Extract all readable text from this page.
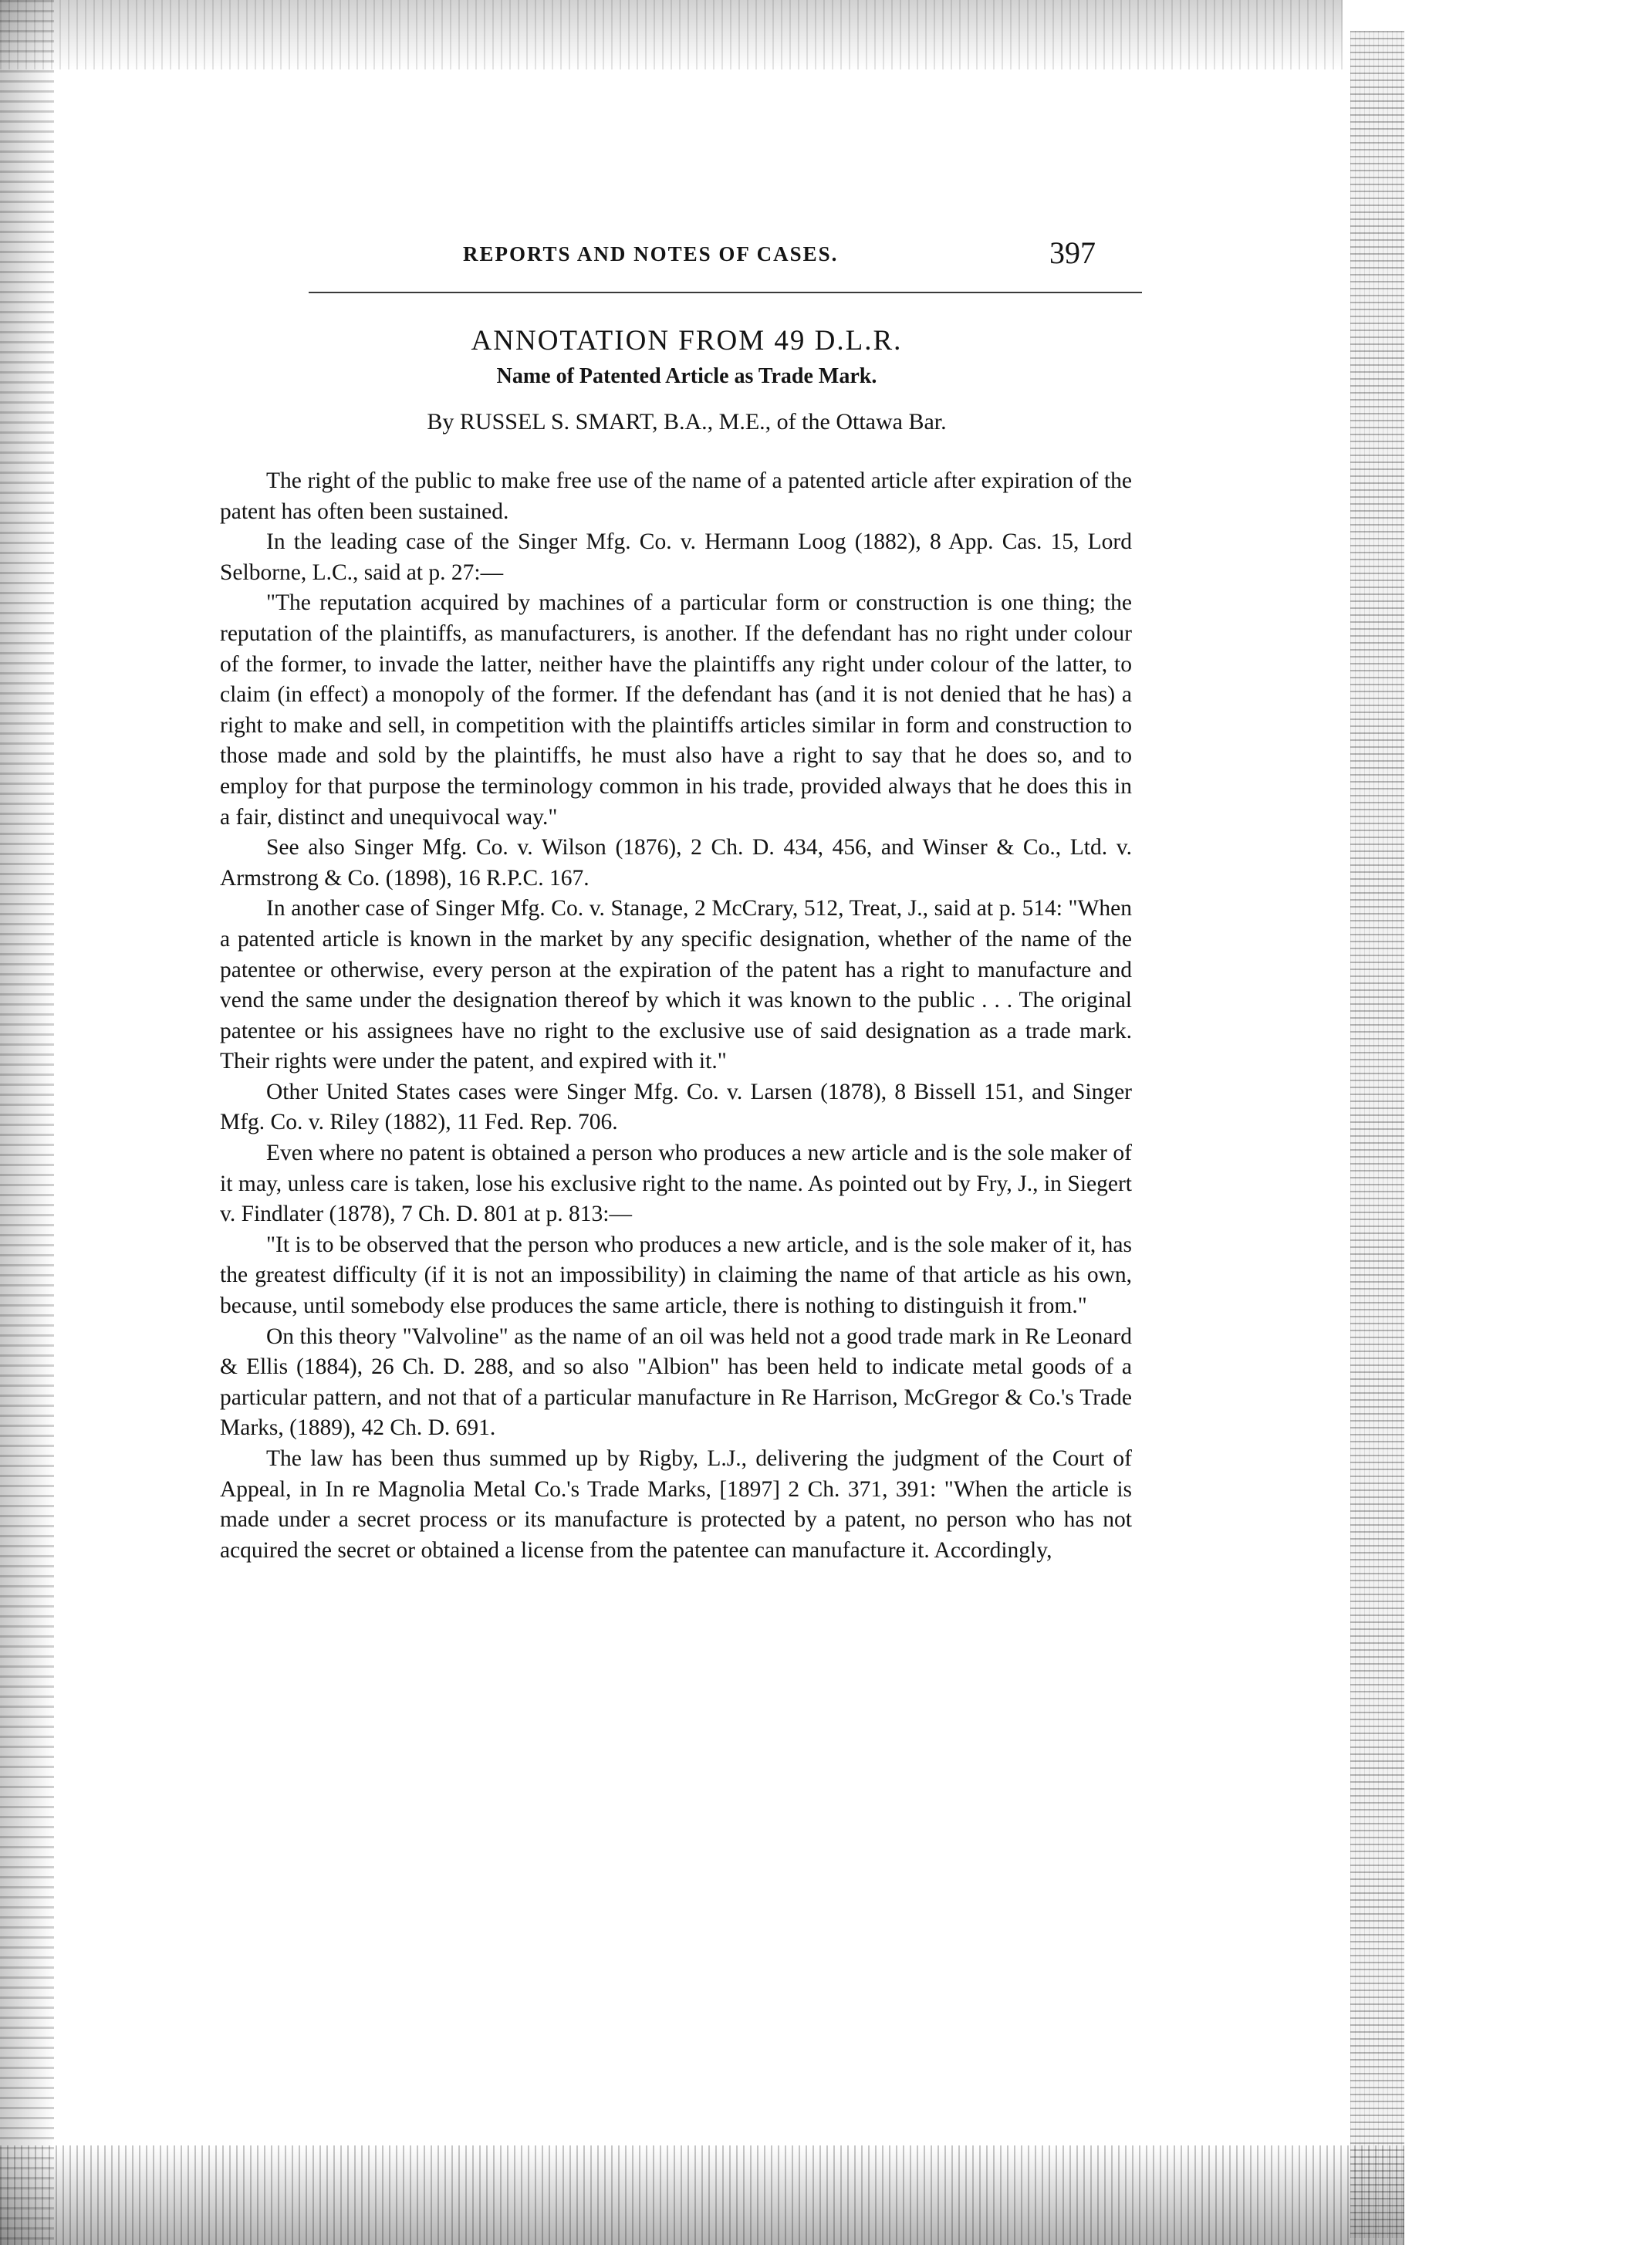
REPORTS AND NOTES OF CASES.	397
ANNOTATION FROM 49 D.L.R.
Name of Patented Article as Trade Mark.
By RUSSEL S. SMART, B.A., M.E., of the Ottawa Bar.

The right of the public to make free use of the name of a patented article after expiration of the patent has often been sustained.

In the leading case of the Singer Mfg. Co. v. Hermann Loog (1882), 8 App. Cas. 15, Lord Selborne, L.C., said at p. 27:—

"The reputation acquired by machines of a particular form or construction is one thing; the reputation of the plaintiffs, as manufacturers, is another. If the defendant has no right under colour of the former, to invade the latter, neither have the plaintiffs any right under colour of the latter, to claim (in effect) a monopoly of the former. If the defendant has (and it is not denied that he has) a right to make and sell, in competition with the plaintiffs articles similar in form and construction to those made and sold by the plaintiffs, he must also have a right to say that he does so, and to employ for that purpose the terminology common in his trade, provided always that he does this in a fair, distinct and unequivocal way."

See also Singer Mfg. Co. v. Wilson (1876), 2 Ch. D. 434, 456, and Winser & Co., Ltd. v. Armstrong & Co. (1898), 16 R.P.C. 167.

In another case of Singer Mfg. Co. v. Stanage, 2 McCrary, 512, Treat, J., said at p. 514: "When a patented article is known in the market by any specific designation, whether of the name of the patentee or otherwise, every person at the expiration of the patent has a right to manufacture and vend the same under the designation thereof by which it was known to the public . . . The original patentee or his assignees have no right to the exclusive use of said designation as a trade mark. Their rights were under the patent, and expired with it."

Other United States cases were Singer Mfg. Co. v. Larsen (1878), 8 Bissell 151, and Singer Mfg. Co. v. Riley (1882), 11 Fed. Rep. 706.

Even where no patent is obtained a person who produces a new article and is the sole maker of it may, unless care is taken, lose his exclusive right to the name. As pointed out by Fry, J., in Siegert v. Findlater (1878), 7 Ch. D. 801 at p. 813:—

"It is to be observed that the person who produces a new article, and is the sole maker of it, has the greatest difficulty (if it is not an impossibility) in claiming the name of that article as his own, because, until somebody else produces the same article, there is nothing to distinguish it from."

On this theory "Valvoline" as the name of an oil was held not a good trade mark in Re Leonard & Ellis (1884), 26 Ch. D. 288, and so also "Albion" has been held to indicate metal goods of a particular pattern, and not that of a particular manufacture in Re Harrison, McGregor & Co.'s Trade Marks, (1889), 42 Ch. D. 691.

The law has been thus summed up by Rigby, L.J., delivering the judgment of the Court of Appeal, in In re Magnolia Metal Co.'s Trade Marks, [1897] 2 Ch. 371, 391: "When the article is made under a secret process or its manufacture is protected by a patent, no person who has not acquired the secret or obtained a license from the patentee can manufacture it. Accordingly,
